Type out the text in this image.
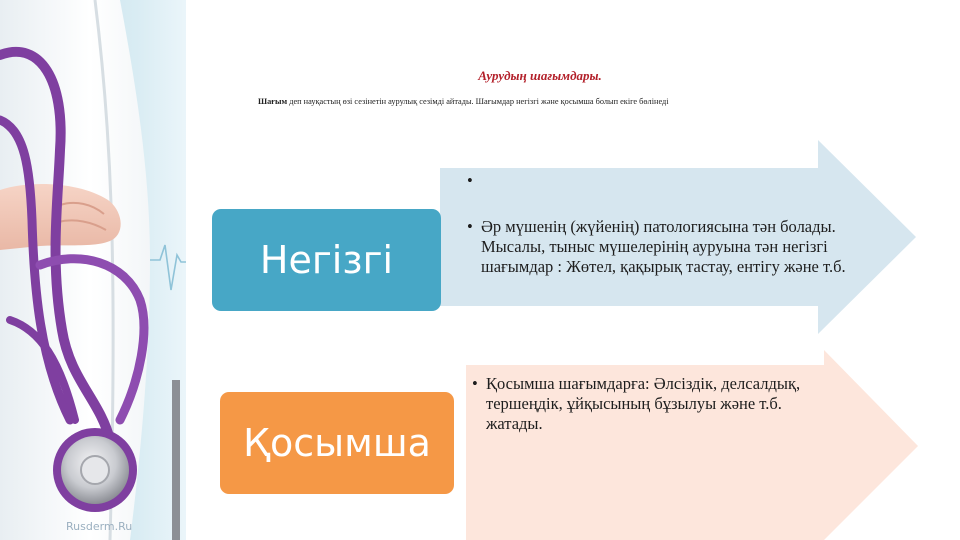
Аурудың шағымдары.

Шағым деп науқастың өзі сезінетін аурулық сезімді айтады. Шағымдар негізгі және қосымша болып екіге бөлінеді

Негізгі
Қосымша
•
• Әр мүшенің (жүйенің) патологиясына тән болады. Мысалы, тыныс мүшелерінің ауруына тән негізгі шағымдар : Жөтел, қақырық тастау, ентігу және т.б.
• Қосымша шағымдарға: Әлсіздік, делсалдық, тершеңдік, ұйқысының бұзылуы және т.б. жатады.
Rusderm.Ru
